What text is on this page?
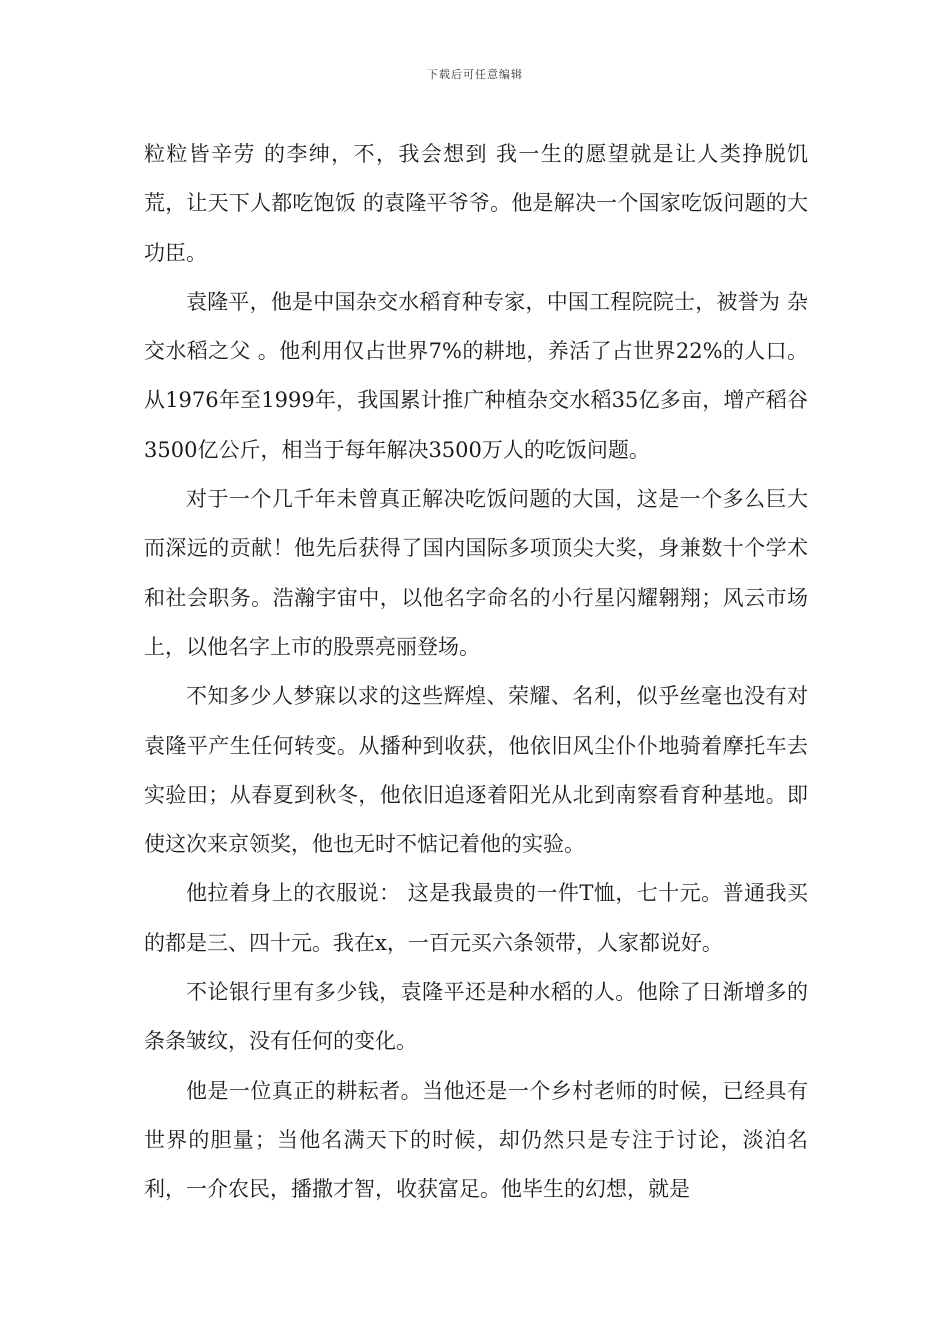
下载后可任意编辑

粒粒皆辛劳 的李绅，不，我会想到 我一生的愿望就是让人类挣脱饥荒，让天下人都吃饱饭 的袁隆平爷爷。他是解决一个国家吃饭问题的大功臣。

袁隆平，他是中国杂交水稻育种专家，中国工程院院士，被誉为 杂交水稻之父 。他利用仅占世界7%的耕地，养活了占世界22%的人口。从1976年至1999年，我国累计推广种植杂交水稻35亿多亩，增产稻谷3500亿公斤，相当于每年解决3500万人的吃饭问题。

对于一个几千年未曾真正解决吃饭问题的大国，这是一个多么巨大而深远的贡献！他先后获得了国内国际多项顶尖大奖，身兼数十个学术和社会职务。浩瀚宇宙中，以他名字命名的小行星闪耀翱翔；风云市场上，以他名字上市的股票亮丽登场。

不知多少人梦寐以求的这些辉煌、荣耀、名利，似乎丝毫也没有对袁隆平产生任何转变。从播种到收获，他依旧风尘仆仆地骑着摩托车去实验田；从春夏到秋冬，他依旧追逐着阳光从北到南察看育种基地。即使这次来京领奖，他也无时不惦记着他的实验。

他拉着身上的衣服说： 这是我最贵的一件T恤，七十元。普通我买的都是三、四十元。我在x，一百元买六条领带，人家都说好。

不论银行里有多少钱，袁隆平还是种水稻的人。他除了日渐增多的条条皱纹，没有任何的变化。

他是一位真正的耕耘者。当他还是一个乡村老师的时候，已经具有世界的胆量；当他名满天下的时候，却仍然只是专注于讨论，淡泊名利，一介农民，播撒才智，收获富足。他毕生的幻想，就是
